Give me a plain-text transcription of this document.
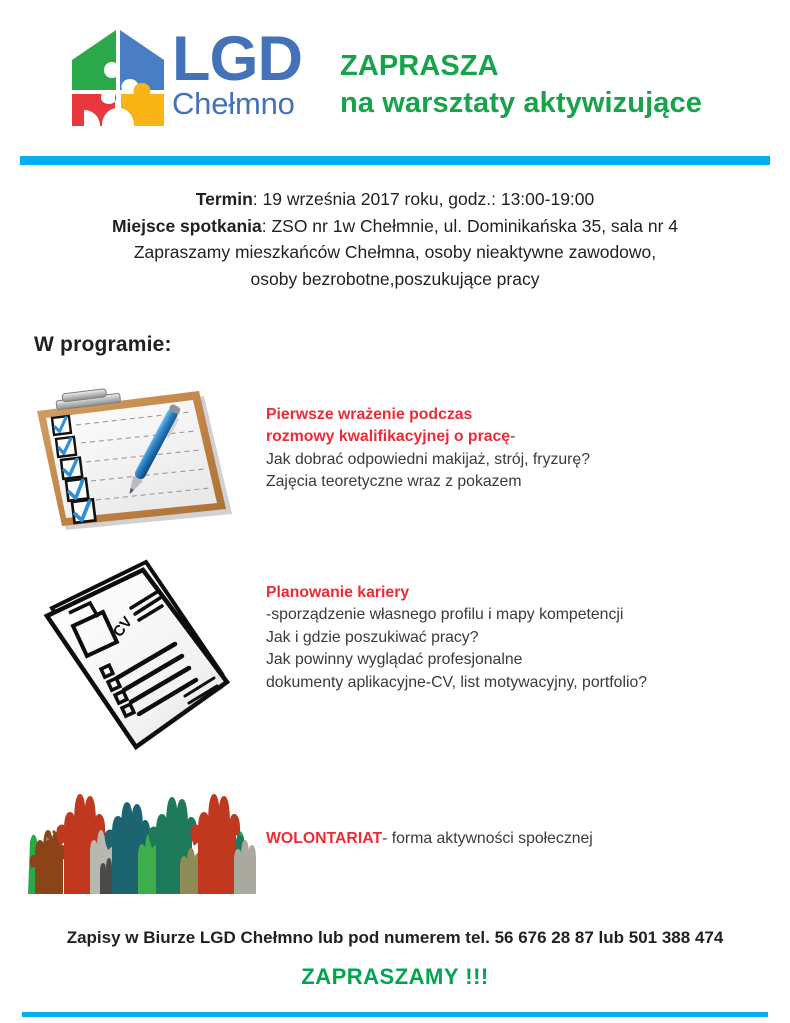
LGD
Chełmno
ZAPRASZA
na warsztaty aktywizujące
Termin: 19 września 2017 roku, godz.: 13:00-19:00
Miejsce spotkania: ZSO nr 1w Chełmnie, ul. Dominikańska 35, sala nr 4
Zapraszamy mieszkańców Chełmna, osoby nieaktywne zawodowo,
osoby bezrobotne,poszukujące pracy
W programie:
Pierwsze wrażenie podczas
rozmowy kwalifikacyjnej o pracę-
Jak dobrać odpowiedni makijaż, strój, fryzurę?
Zajęcia teoretyczne wraz z pokazem
CV
Planowanie kariery
-sporządzenie własnego profilu i mapy kompetencji
Jak i gdzie poszukiwać pracy?
Jak powinny wyglądać profesjonalne
dokumenty aplikacyjne-CV, list motywacyjny, portfolio?
WOLONTARIAT- forma aktywności społecznej
Zapisy w Biurze LGD Chełmno lub pod numerem tel. 56 676 28 87 lub 501 388 474
ZAPRASZAMY !!!
